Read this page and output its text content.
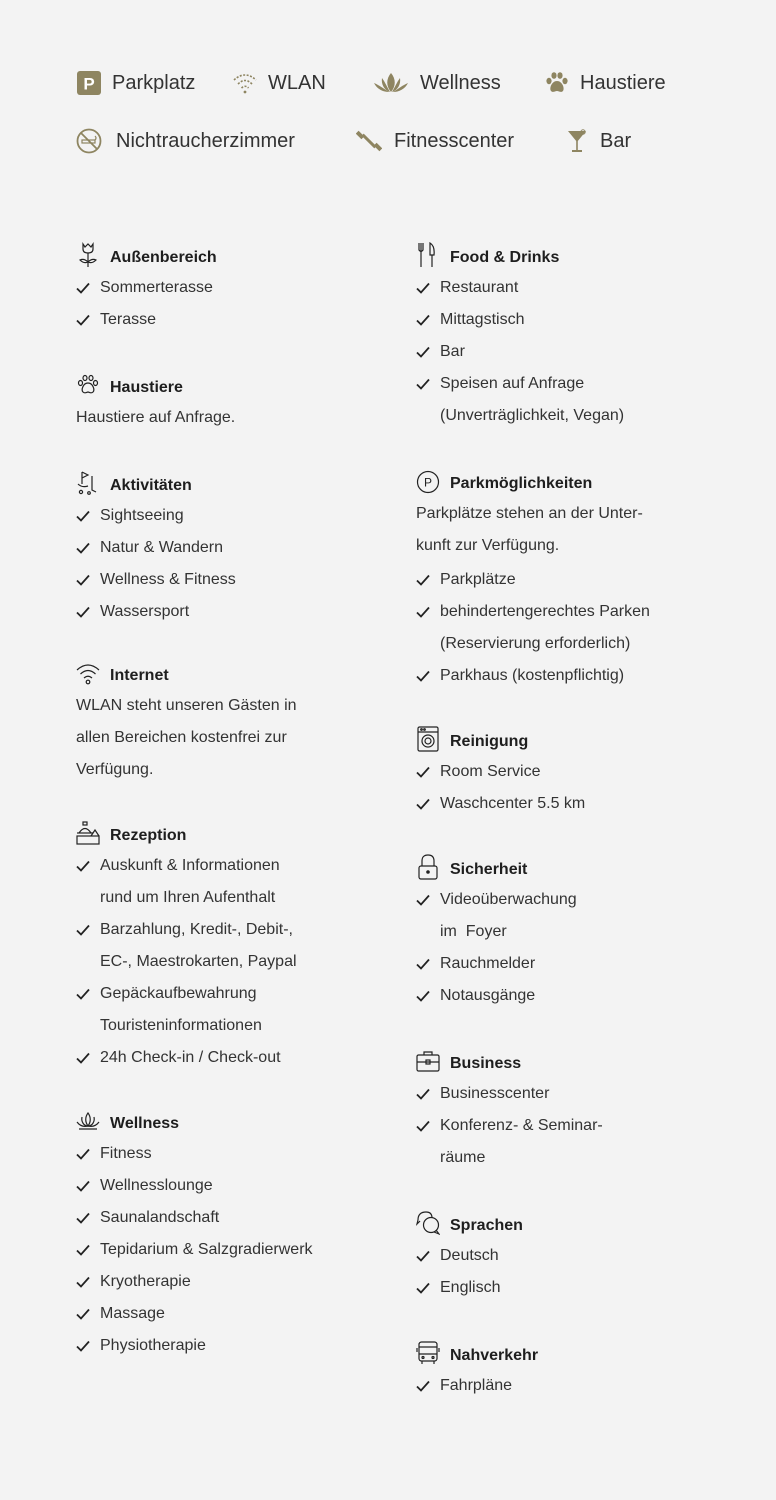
P Parkplatz	WLAN	Wellness	Haustiere
Nichtraucherzimmer	Fitnesscenter	Bar
Außenbereich
Sommerterasse
Terasse
Haustiere
Haustiere auf Anfrage.
Aktivitäten
Sightseeing
Natur & Wandern
Wellness & Fitness
Wassersport
Internet
WLAN steht unseren Gästen in
allen Bereichen kostenfrei zur
Verfügung.
Rezeption
Auskunft & Informationen
rund um Ihren Aufenthalt
Barzahlung, Kredit-, Debit-,
EC-, Maestrokarten, Paypal
Gepäckaufbewahrung
Touristeninformationen
24h Check-in / Check-out
Wellness
Fitness
Wellnesslounge
Saunalandschaft
Tepidarium & Salzgradierwerk
Kryotherapie
Massage
Physiotherapie
Food & Drinks
Restaurant
Mittagstisch
Bar
Speisen auf Anfrage
(Unverträglichkeit, Vegan)
P Parkmöglichkeiten
Parkplätze stehen an der Unter-
kunft zur Verfügung.
Parkplätze
behindertengerechtes Parken
(Reservierung erforderlich)
Parkhaus (kostenpflichtig)
Reinigung
Room Service
Waschcenter 5.5 km
Sicherheit
Videoüberwachung
im  Foyer
Rauchmelder
Notausgänge
Business
Businesscenter
Konferenz- & Seminar-
räume
Sprachen
Deutsch
Englisch
Nahverkehr
Fahrpläne
